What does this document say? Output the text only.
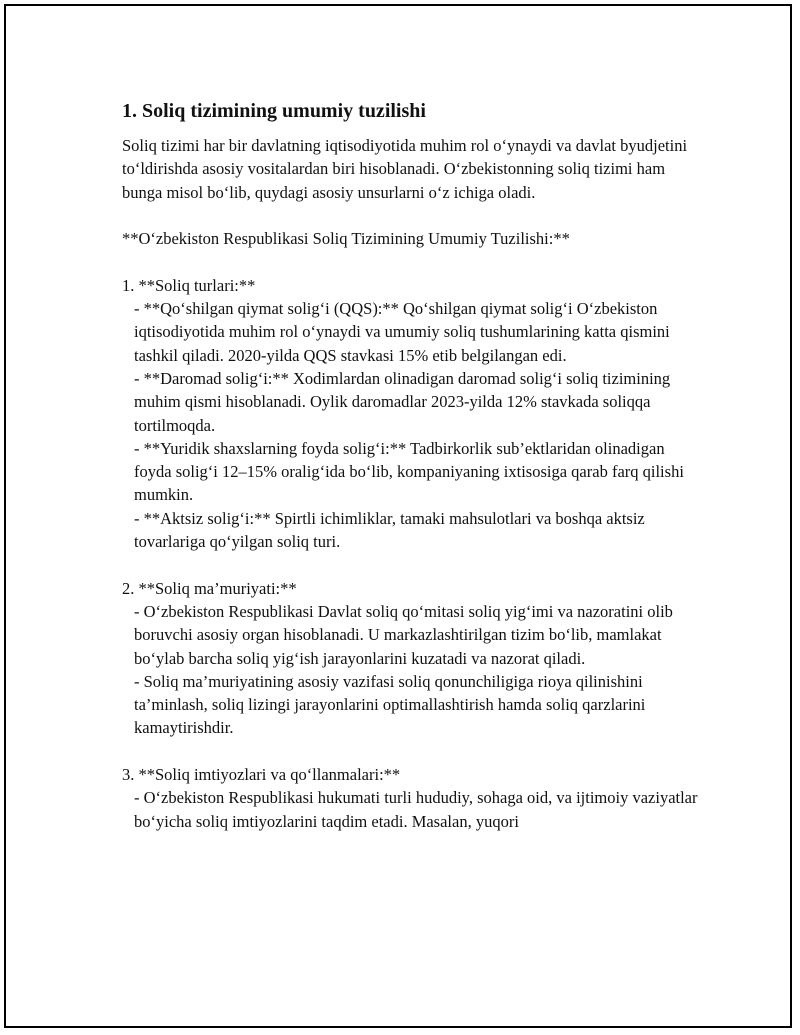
1. Soliq tizimining umumiy tuzilishi

Soliq tizimi har bir davlatning iqtisodiyotida muhim rol o‘ynaydi va davlat byudjetini to‘ldirishda asosiy vositalardan biri hisoblanadi. O‘zbekistonning soliq tizimi ham bunga misol bo‘lib, quydagi asosiy unsurlarni o‘z ichiga oladi.

**O‘zbekiston Respublikasi Soliq Tizimining Umumiy Tuzilishi:**

1. **Soliq turlari:**

- **Qo‘shilgan qiymat solig‘i (QQS):** Qo‘shilgan qiymat solig‘i O‘zbekiston iqtisodiyotida muhim rol o‘ynaydi va umumiy soliq tushumlarining katta qismini tashkil qiladi. 2020-yilda QQS stavkasi 15% etib belgilangan edi.

- **Daromad solig‘i:** Xodimlardan olinadigan daromad solig‘i soliq tizimining muhim qismi hisoblanadi. Oylik daromadlar 2023-yilda 12% stavkada soliqqa tortilmoqda.

- **Yuridik shaxslarning foyda solig‘i:** Tadbirkorlik sub’ektlaridan olinadigan foyda solig‘i 12–15% oralig‘ida bo‘lib, kompaniyaning ixtisosiga qarab farq qilishi mumkin.

- **Aktsiz solig‘i:** Spirtli ichimliklar, tamaki mahsulotlari va boshqa aktsiz tovarlariga qo‘yilgan soliq turi.

2. **Soliq ma’muriyati:**

- O‘zbekiston Respublikasi Davlat soliq qo‘mitasi soliq yig‘imi va nazoratini olib boruvchi asosiy organ hisoblanadi. U markazlashtirilgan tizim bo‘lib, mamlakat bo‘ylab barcha soliq yig‘ish jarayonlarini kuzatadi va nazorat qiladi.

- Soliq ma’muriyatining asosiy vazifasi soliq qonunchiligiga rioya qilinishini ta’minlash, soliq lizingi jarayonlarini optimallashtirish hamda soliq qarzlarini kamaytirishdir.

3. **Soliq imtiyozlari va qo‘llanmalari:**

- O‘zbekiston Respublikasi hukumati turli hududiy, sohaga oid, va ijtimoiy vaziyatlar bo‘yicha soliq imtiyozlarini taqdim etadi. Masalan, yuqori
